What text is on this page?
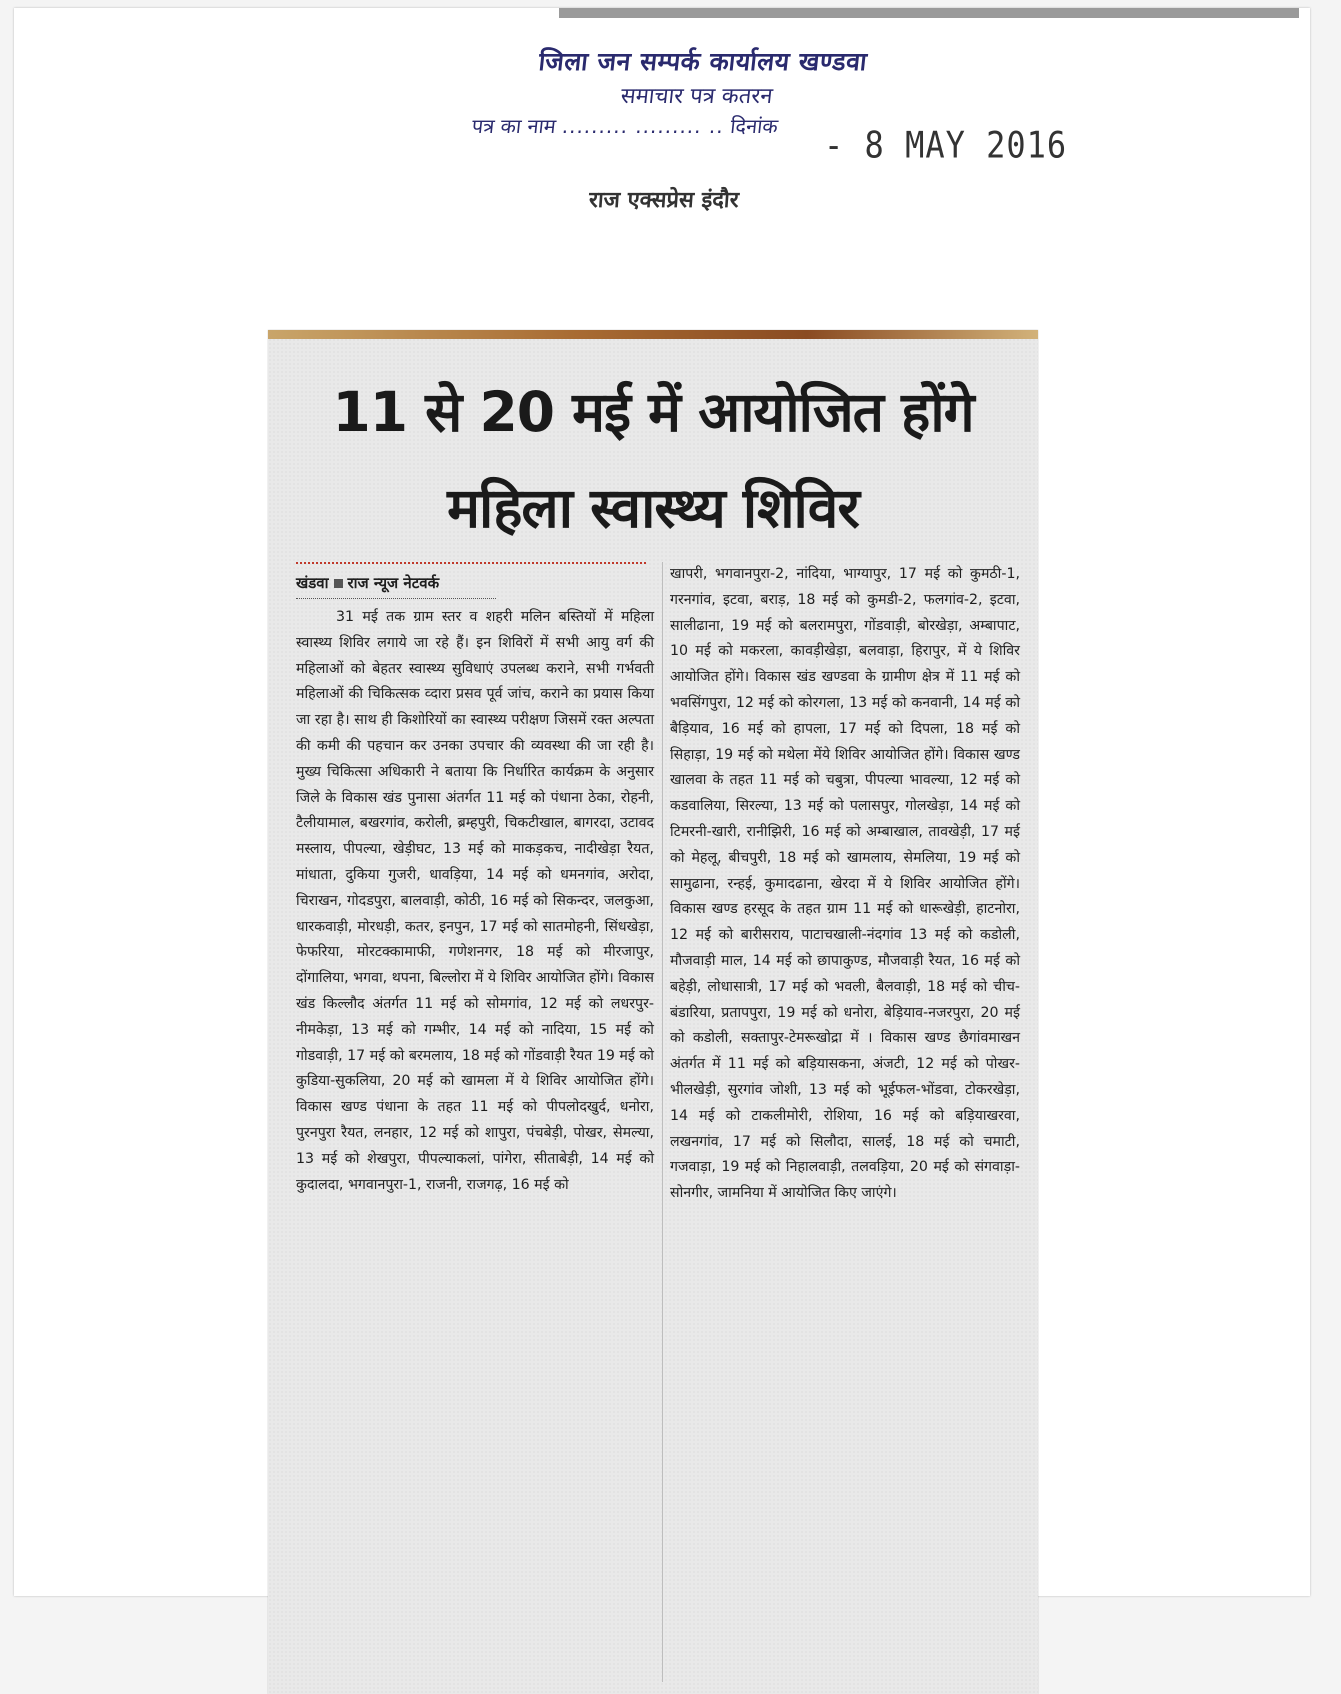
जिला जन सम्पर्क कार्यालय खण्डवा
समाचार पत्र कतरन
पत्र का नाम ......... ......... .. दिनांक - 8 MAY 2016
राज एक्सप्रेस इंदौर
11 से 20 मई में आयोजित होंगे
महिला स्वास्थ्य शिविर
खंडवा राज न्यूज नेटवर्क
31 मई तक ग्राम स्तर व शहरी मलिन बस्तियों में महिला स्वास्थ्य शिविर लगाये जा रहे हैं। इन शिविरों में सभी आयु वर्ग की महिलाओं को बेहतर स्वास्थ्य सुविधाएं उपलब्ध कराने, सभी गर्भवती महिलाओं की चिकित्सक व्दारा प्रसव पूर्व जांच, कराने का प्रयास किया जा रहा है। साथ ही किशोरियों का स्वास्थ्य परीक्षण जिसमें रक्त अल्पता की कमी की पहचान कर उनका उपचार की व्यवस्था की जा रही है। मुख्य चिकित्सा अधिकारी ने बताया कि निर्धारित कार्यक्रम के अनुसार जिले के विकास खंड पुनासा अंतर्गत 11 मई को पंधाना ठेका, रोहनी, टैलीयामाल, बखरगांव, करोली, ब्रम्हपुरी, चिकटीखाल, बागरदा, उटावद मस्लाय, पीपल्या, खेड़ीघट, 13 मई को माकड़कच, नादीखेड़ा रैयत, मांधाता, दुकिया गुजरी, धावड़िया, 14 मई को धमनगांव, अरोदा, चिराखन, गोदडपुरा, बालवाड़ी, कोठी, 16 मई को सिकन्दर, जलकुआ, धारकवाड़ी, मोरधड़ी, कतर, इनपुन, 17 मई को सातमोहनी, सिंधखेड़ा, फेफरिया, मोरटक्कामाफी, गणेशनगर, 18 मई को मीरजापुर, दोंगालिया, भगवा, थपना, बिल्लोरा में ये शिविर आयोजित होंगे। विकास खंड किल्लौद अंतर्गत 11 मई को सोमगांव, 12 मई को लधरपुर-नीमकेड़ा, 13 मई को गम्भीर, 14 मई को नादिया, 15 मई को गोडवाड़ी, 17 मई को बरमलाय, 18 मई को गोंडवाड़ी रैयत 19 मई को कुडिया-सुकलिया, 20 मई को खामला में ये शिविर आयोजित होंगे। विकास खण्ड पंधाना के तहत 11 मई को पीपलोदखुर्द, धनोरा, पुरनपुरा रैयत, लनहार, 12 मई को शापुरा, पंचबेड़ी, पोखर, सेमल्या, 13 मई को शेखपुरा, पीपल्याकलां, पांगेरा, सीताबेड़ी, 14 मई को कुदालदा, भगवानपुरा-1, राजनी, राजगढ़, 16 मई को
खापरी, भगवानपुरा-2, नांदिया, भाग्यापुर, 17 मई को कुमठी-1, गरनगांव, इटवा, बराड़, 18 मई को कुमडी-2, फलगांव-2, इटवा, सालीढाना, 19 मई को बलरामपुरा, गोंडवाड़ी, बोरखेड़ा, अम्बापाट, 10 मई को मकरला, कावड़ीखेड़ा, बलवाड़ा, हिरापुर, में ये शिविर आयोजित होंगे। विकास खंड खण्डवा के ग्रामीण क्षेत्र में 11 मई को भवसिंगपुरा, 12 मई को कोरगला, 13 मई को कनवानी, 14 मई को बैड़ियाव, 16 मई को हापला, 17 मई को दिपला, 18 मई को सिहाड़ा, 19 मई को मथेला मेंये शिविर आयोजित होंगे। विकास खण्ड खालवा के तहत 11 मई को चबुत्रा, पीपल्या भावल्या, 12 मई को कडवालिया, सिरल्या, 13 मई को पलासपुर, गोलखेड़ा, 14 मई को टिमरनी-खारी, रानीझिरी, 16 मई को अम्बाखाल, तावखेड़ी, 17 मई को मेहलू, बीचपुरी, 18 मई को खामलाय, सेमलिया, 19 मई को सामुढाना, रन्हई, कुमादढाना, खेरदा में ये शिविर आयोजित होंगे। विकास खण्ड हरसूद के तहत ग्राम 11 मई को धारूखेड़ी, हाटनोरा, 12 मई को बारीसराय, पाटाचखाली-नंदगांव 13 मई को कडोली, मौजवाड़ी माल, 14 मई को छापाकुण्ड, मौजवाड़ी रैयत, 16 मई को बहेड़ी, लोधासात्री, 17 मई को भवली, बैलवाड़ी, 18 मई को चीच-बंडारिया, प्रतापपुरा, 19 मई को धनोरा, बेड़ियाव-नजरपुरा, 20 मई को कडोली, सक्तापुर-टेमरूखोद्रा में । विकास खण्ड छैगांवमाखन अंतर्गत में 11 मई को बड़ियासकना, अंजटी, 12 मई को पोखर-भीलखेड़ी, सुरगांव जोशी, 13 मई को भूईफल-भोंडवा, टोकरखेड़ा, 14 मई को टाकलीमोरी, रोशिया, 16 मई को बड़ियाखरवा, लखनगांव, 17 मई को सिलौदा, सालई, 18 मई को चमाटी, गजवाड़ा, 19 मई को निहालवाड़ी, तलवड़िया, 20 मई को संगवाड़ा-सोनगीर, जामनिया में आयोजित किए जाएंगे।
